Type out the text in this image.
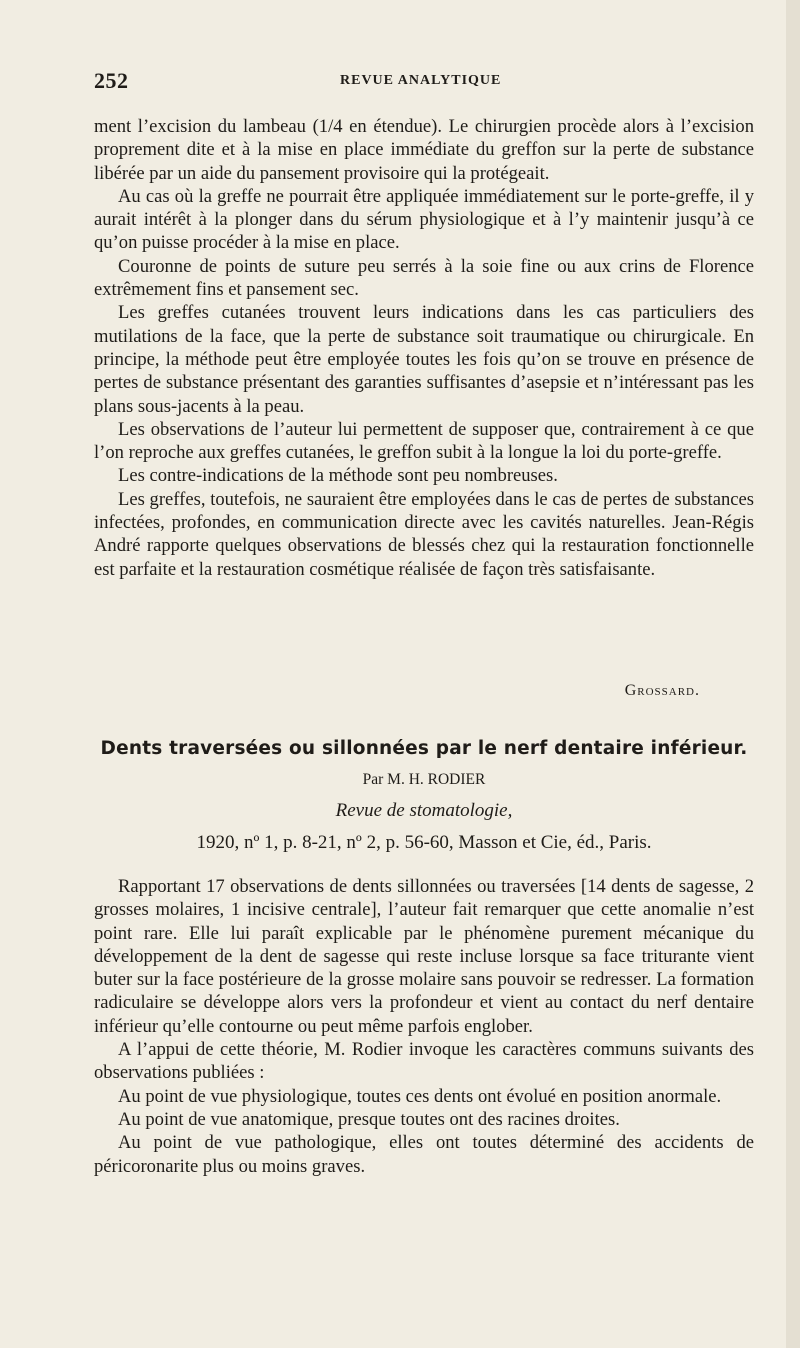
252	REVUE ANALYTIQUE

ment l’excision du lambeau (1/4 en étendue). Le chirurgien procède alors à l’excision proprement dite et à la mise en place immédiate du greffon sur la perte de substance libérée par un aide du pansement provisoire qui la protégeait.

Au cas où la greffe ne pourrait être appliquée immédiatement sur le porte-greffe, il y aurait intérêt à la plonger dans du sérum physiologique et à l’y maintenir jusqu’à ce qu’on puisse procéder à la mise en place.

Couronne de points de suture peu serrés à la soie fine ou aux crins de Florence extrêmement fins et pansement sec.

Les greffes cutanées trouvent leurs indications dans les cas particuliers des mutilations de la face, que la perte de substance soit traumatique ou chirurgicale. En principe, la méthode peut être employée toutes les fois qu’on se trouve en présence de pertes de substance présentant des garanties suffisantes d’asepsie et n’intéressant pas les plans sous-jacents à la peau.

Les observations de l’auteur lui permettent de supposer que, contrairement à ce que l’on reproche aux greffes cutanées, le greffon subit à la longue la loi du porte-greffe.

Les contre-indications de la méthode sont peu nombreuses.

Les greffes, toutefois, ne sauraient être employées dans le cas de pertes de substances infectées, profondes, en communication directe avec les cavités naturelles. Jean-Régis André rapporte quelques observations de blessés chez qui la restauration fonctionnelle est parfaite et la restauration cosmétique réalisée de façon très satisfaisante.

Grossard.
Dents traversées ou sillonnées par le nerf dentaire inférieur.
Par M. H. RODIER
Revue de stomatologie,
1920, nº 1, p. 8-21, nº 2, p. 56-60, Masson et Cie, éd., Paris.

Rapportant 17 observations de dents sillonnées ou traversées [14 dents de sagesse, 2 grosses molaires, 1 incisive centrale], l’auteur fait remarquer que cette anomalie n’est point rare. Elle lui paraît explicable par le phénomène purement mécanique du développement de la dent de sagesse qui reste incluse lorsque sa face triturante vient buter sur la face postérieure de la grosse molaire sans pouvoir se redresser. La formation radiculaire se développe alors vers la profondeur et vient au contact du nerf dentaire inférieur qu’elle contourne ou peut même parfois englober.

A l’appui de cette théorie, M. Rodier invoque les caractères communs suivants des observations publiées :

Au point de vue physiologique, toutes ces dents ont évolué en position anormale.

Au point de vue anatomique, presque toutes ont des racines droites.

Au point de vue pathologique, elles ont toutes déterminé des accidents de péricoronarite plus ou moins graves.
